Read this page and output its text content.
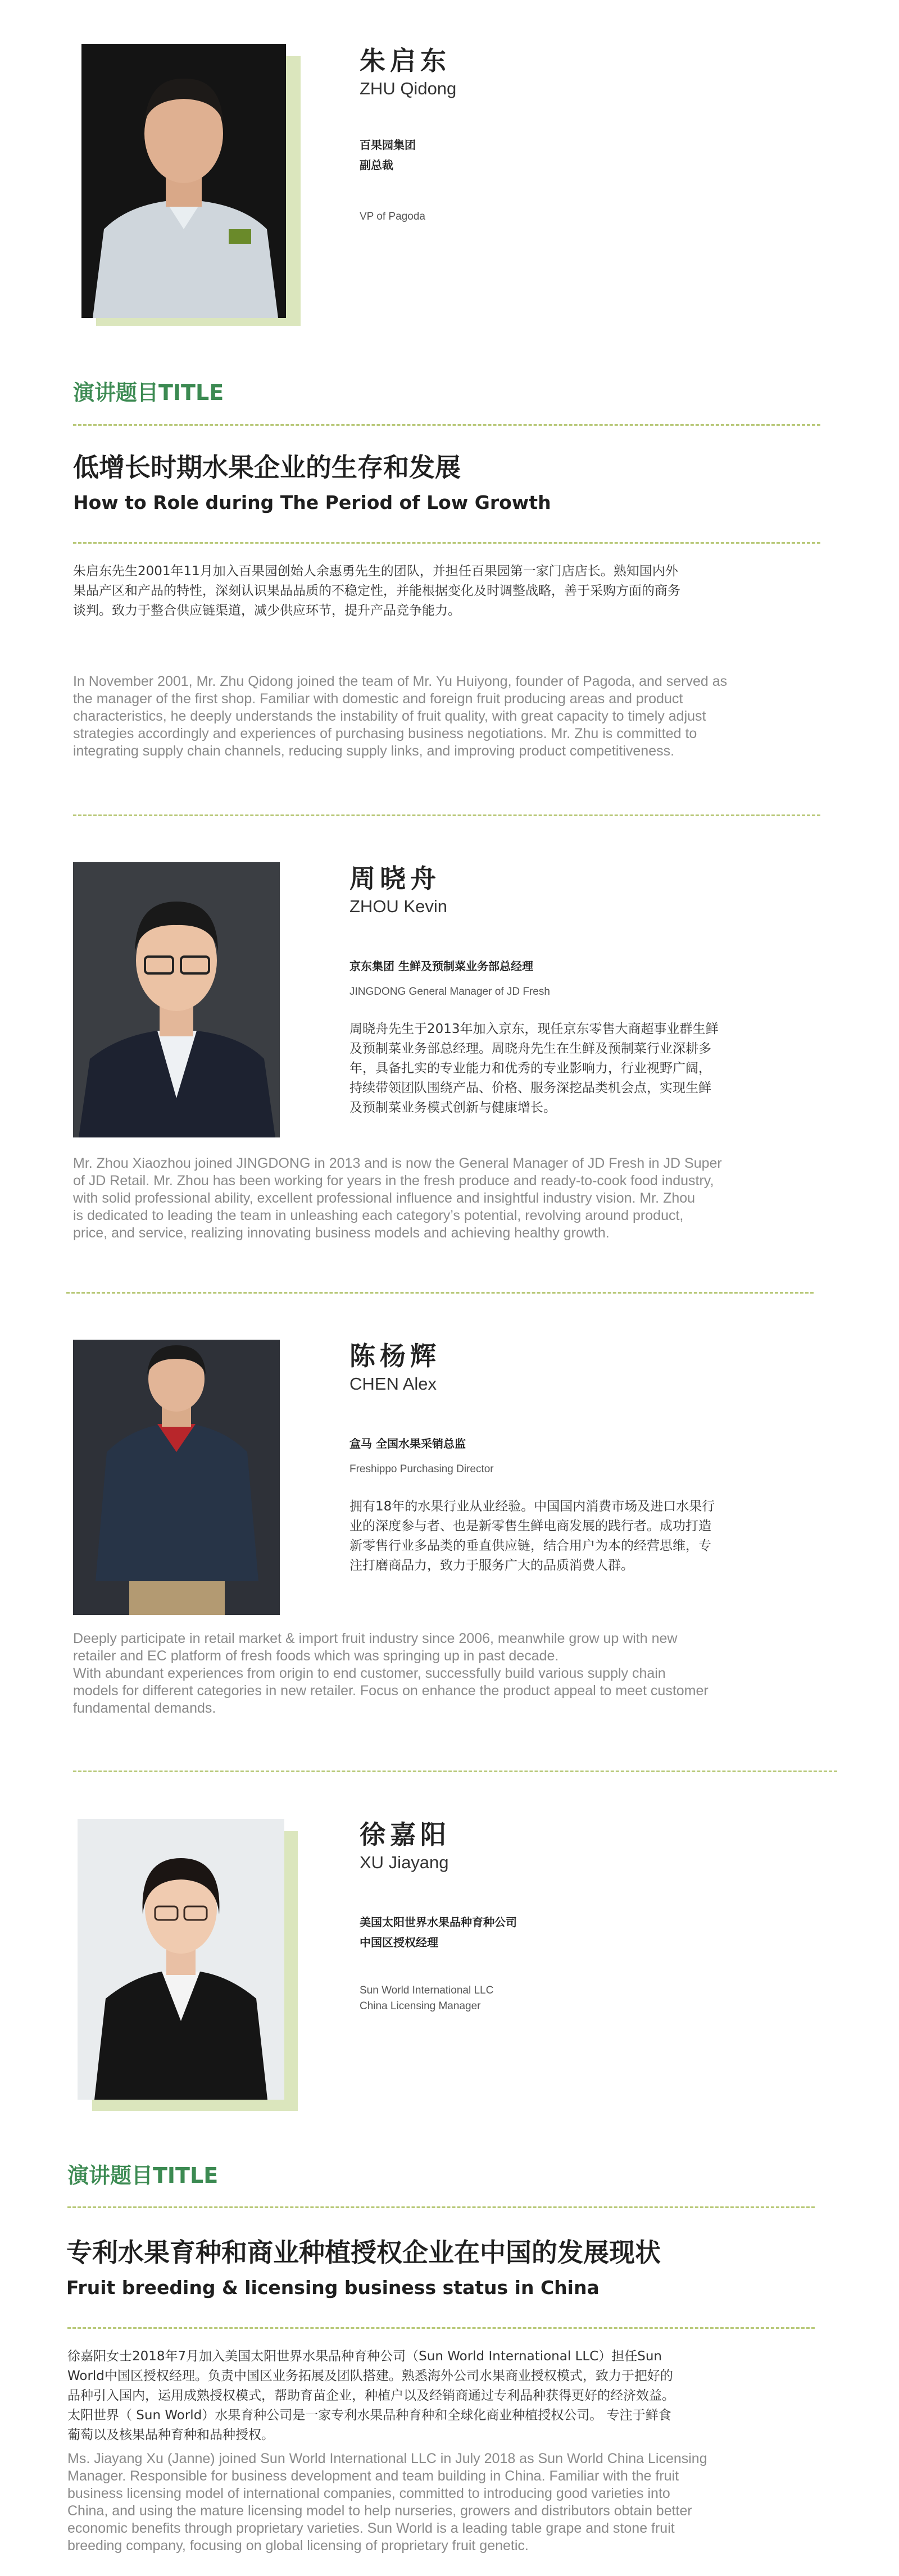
朱启东
ZHU Qidong
百果园集团
副总裁
VP of Pagoda
演讲题目TITLE
低增长时期水果企业的生存和发展
How to Role during The Period of Low Growth
朱启东先生2001年11月加入百果园创始人余惠勇先生的团队，并担任百果园第一家门店店长。熟知国内外
果品产区和产品的特性，深刻认识果品品质的不稳定性，并能根据变化及时调整战略，善于采购方面的商务
谈判。致力于整合供应链渠道，减少供应环节，提升产品竞争能力。
In November 2001, Mr. Zhu Qidong joined the team of Mr. Yu Huiyong, founder of Pagoda, and served as
the manager of the first shop. Familiar with domestic and foreign fruit producing areas and product
characteristics, he deeply understands the instability of fruit quality, with great capacity to timely adjust
strategies accordingly and experiences of purchasing business negotiations. Mr. Zhu is committed to
integrating supply chain channels, reducing supply links, and improving product competitiveness.
周晓舟
ZHOU Kevin
京东集团 生鲜及预制菜业务部总经理
JINGDONG General Manager of JD Fresh
周晓舟先生于2013年加入京东，现任京东零售大商超事业群生鲜
及预制菜业务部总经理。周晓舟先生在生鲜及预制菜行业深耕多
年，具备扎实的专业能力和优秀的专业影响力，行业视野广阔，
持续带领团队围绕产品、价格、服务深挖品类机会点，实现生鲜
及预制菜业务模式创新与健康增长。
Mr. Zhou Xiaozhou joined JINGDONG in 2013 and is now the General Manager of JD Fresh in JD Super
of JD Retail. Mr. Zhou has been working for years in the fresh produce and ready-to-cook food industry,
with solid professional ability, excellent professional influence and insightful industry vision. Mr. Zhou
is dedicated to leading the team in unleashing each category’s potential, revolving around product,
price, and service, realizing innovating business models and achieving healthy growth.
陈杨辉
CHEN Alex
盒马 全国水果采销总监
Freshippo Purchasing Director
拥有18年的水果行业从业经验。中国国内消费市场及进口水果行
业的深度参与者、也是新零售生鲜电商发展的践行者。成功打造
新零售行业多品类的垂直供应链，结合用户为本的经营思维，专
注打磨商品力，致力于服务广大的品质消费人群。
Deeply participate in retail market & import fruit industry since 2006, meanwhile grow up with new
retailer and EC platform of fresh foods which was springing up in past decade.
With abundant experiences from origin to end customer, successfully build various supply chain
models for different categories in new retailer. Focus on enhance the product appeal to meet customer
fundamental demands.
徐嘉阳
XU Jiayang
美国太阳世界水果品种育种公司
中国区授权经理
Sun World International LLC
China Licensing Manager
演讲题目TITLE
专利水果育种和商业种植授权企业在中国的发展现状
Fruit breeding & licensing business status in China
徐嘉阳女士2018年7月加入美国太阳世界水果品种育种公司（Sun World International LLC）担任Sun
World中国区授权经理。负责中国区业务拓展及团队搭建。熟悉海外公司水果商业授权模式，致力于把好的
品种引入国内，运用成熟授权模式，帮助育苗企业，种植户以及经销商通过专利品种获得更好的经济效益。
太阳世界（ Sun World）水果育种公司是一家专利水果品种育种和全球化商业种植授权公司。 专注于鲜食
葡萄以及核果品种育种和品种授权。
Ms. Jiayang Xu (Janne) joined Sun World International LLC in July 2018 as Sun World China Licensing
Manager. Responsible for business development and team building in China. Familiar with the fruit
business licensing model of international companies, committed to introducing good varieties into
China, and using the mature licensing model to help nurseries, growers and distributors obtain better
economic benefits through proprietary varieties. Sun World is a leading table grape and stone fruit
breeding company, focusing on global licensing of proprietary fruit genetic.
